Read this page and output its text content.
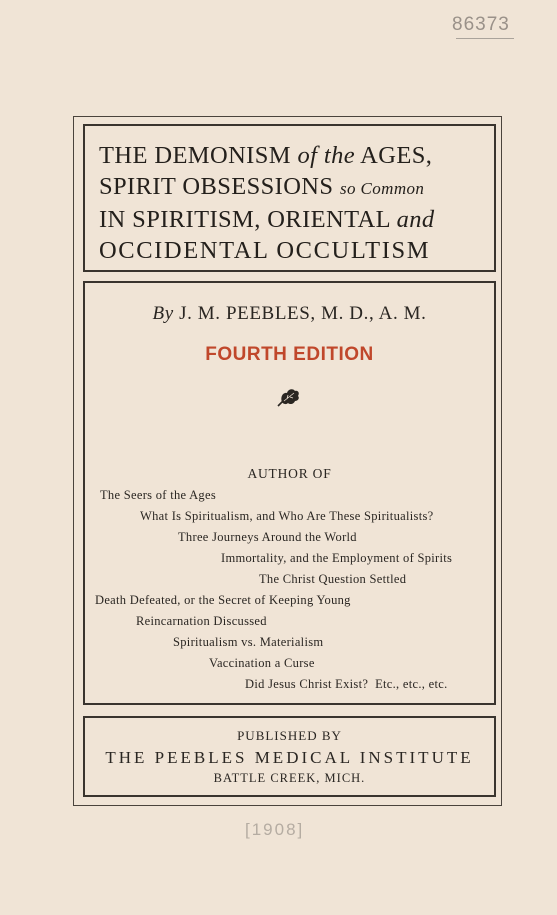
86373
THE DEMONISM of the AGES,
SPIRIT OBSESSIONS so Common
IN SPIRITISM, ORIENTAL and
OCCIDENTAL OCCULTISM
By J. M. PEEBLES, M. D., A. M.
FOURTH EDITION
AUTHOR OF
The Seers of the Ages
What Is Spiritualism, and Who Are These Spiritualists?
Three Journeys Around the World
Immortality, and the Employment of Spirits
The Christ Question Settled
Death Defeated, or the Secret of Keeping Young
Reincarnation Discussed
Spiritualism vs. Materialism
Vaccination a Curse
Did Jesus Christ Exist?  Etc., etc., etc.
PUBLISHED BY
THE PEEBLES MEDICAL INSTITUTE
BATTLE CREEK, MICH.
[1908]
